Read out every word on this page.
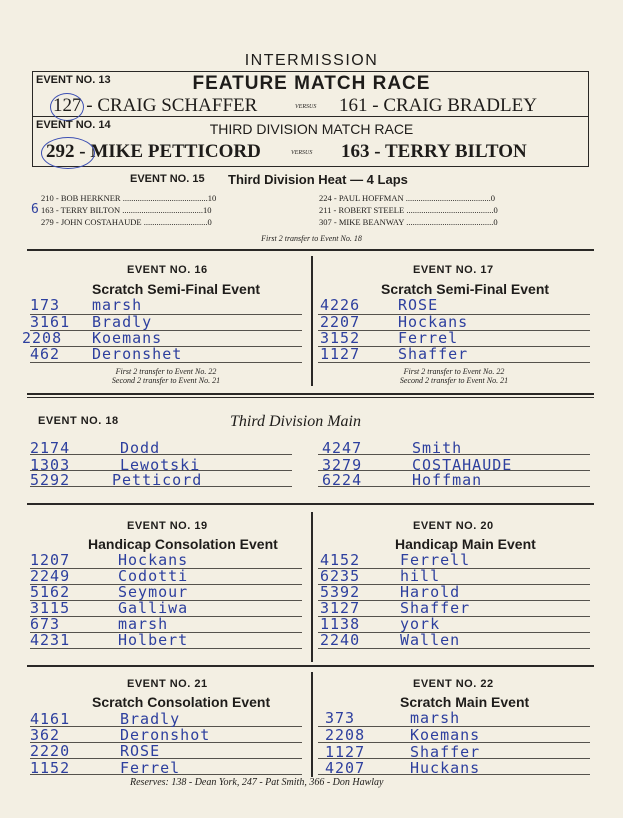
INTERMISSION
EVENT NO. 13	FEATURE MATCH RACE
127 - CRAIG SCHAFFER	VERSUS 161 - CRAIG BRADLEY
EVENT NO. 14	THIRD DIVISION MATCH RACE
292 - MIKE PETTICORD	VERSUS 163 - TERRY BILTON
EVENT NO. 15 Third Division Heat — 4 Laps
210 - BOB HERKNER ........................................10
163 - TERRY BILTON ......................................10
279 - JOHN COSTAHAUDE ..............................0
6
224 - PAUL HOFFMAN ........................................0
211 - ROBERT STEELE .........................................0
307 - MIKE BEANWAY .........................................0
First 2 transfer to Event No. 18
EVENT NO. 16
Scratch Semi-Final Event
173 marsh
3161 Bradly
2208 Koemans
462 Deronshet
First 2 transfer to Event No. 22
Second 2 transfer to Event No. 21
EVENT NO. 17
Scratch Semi-Final Event
4226	ROSE
2207	Hockans
3152	Ferrel
1127	Shaffer
First 2 transfer to Event No. 22
Second 2 transfer to Event No. 21
EVENT NO. 18	Third Division Main
2174	Dodd
1303	Lewotski
5292	Petticord
4247	Smith
3279	COSTAHAUDE
6224	Hoffman
EVENT NO. 19
Handicap Consolation Event
1207	Hockans
2249	Codotti
5162	Seymour
3115	Galliwa
673	marsh
4231	Holbert
EVENT NO. 20
Handicap Main Event
4152	Ferrell
6235	hill
5392	Harold
3127	Shaffer
1138	york
2240	Wallen
EVENT NO. 21
Scratch Consolation Event
4161	Bradly
362	Deronshot
2220	ROSE
1152	Ferrel
EVENT NO. 22
Scratch Main Event
373	marsh
2208	Koemans
1127	Shaffer
4207	Huckans
Reserves: 138 - Dean York, 247 - Pat Smith, 366 - Don Hawlay
